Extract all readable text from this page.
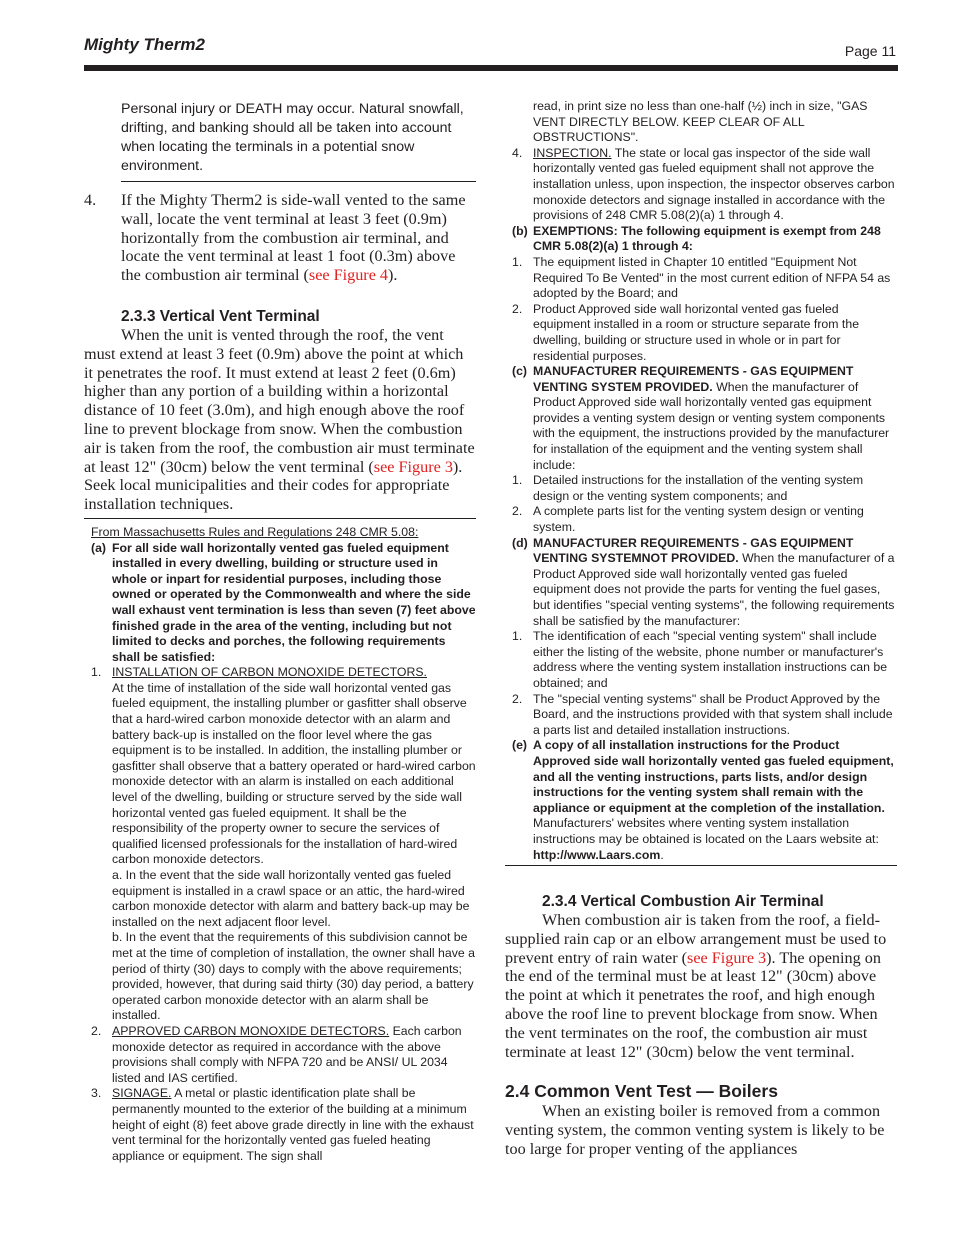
Mighty Therm2	Page 11
Personal injury or DEATH may occur. Natural snowfall, drifting, and banking should all be taken into account when locating the terminals in a potential snow environment.
4. If the Mighty Therm2 is side-wall vented to the same wall, locate the vent terminal at least 3 feet (0.9m) horizontally from the combustion air terminal, and locate the vent terminal at least 1 foot (0.3m) above the combustion air terminal (see Figure 4).
2.3.3 Vertical Vent Terminal
When the unit is vented through the roof, the vent must extend at least 3 feet (0.9m) above the point at which it penetrates the roof. It must extend at least 2 feet (0.6m) higher than any portion of a building within a horizontal distance of 10 feet (3.0m), and high enough above the roof line to prevent blockage from snow. When the combustion air is taken from the roof, the combustion air must terminate at least 12" (30cm) below the vent terminal (see Figure 3). Seek local municipalities and their codes for appropriate installation techniques.
From Massachusetts Rules and Regulations 248 CMR 5.08:
(a) For all side wall horizontally vented gas fueled equipment installed in every dwelling, building or structure used in whole or inpart for residential purposes, including those owned or operated by the Commonwealth and where the side wall exhaust vent termination is less than seven (7) feet above finished grade in the area of the venting, including but not limited to decks and porches, the following requirements shall be satisfied:
1. INSTALLATION OF CARBON MONOXIDE DETECTORS.
At the time of installation of the side wall horizontal vented gas fueled equipment, the installing plumber or gasfitter shall observe that a hard-wired carbon monoxide detector with an alarm and battery back-up is installed on the floor level where the gas equipment is to be installed. In addition, the installing plumber or gasfitter shall observe that a battery operated or hard-wired carbon monoxide detector with an alarm is installed on each additional level of the dwelling, building or structure served by the side wall horizontal vented gas fueled equipment. It shall be the responsibility of the property owner to secure the services of qualified licensed professionals for the installation of hard-wired carbon monoxide detectors.
a. In the event that the side wall horizontally vented gas fueled equipment is installed in a crawl space or an attic, the hard-wired carbon monoxide detector with alarm and battery back-up may be installed on the next adjacent floor level.
b. In the event that the requirements of this subdivision cannot be met at the time of completion of installation, the owner shall have a period of thirty (30) days to comply with the above requirements; provided, however, that during said thirty (30) day period, a battery operated carbon monoxide detector with an alarm shall be installed.
2. APPROVED CARBON MONOXIDE DETECTORS. Each carbon monoxide detector as required in accordance with the above provisions shall comply with NFPA 720 and be ANSI/ UL 2034 listed and IAS certified.
3. SIGNAGE. A metal or plastic identification plate shall be permanently mounted to the exterior of the building at a minimum height of eight (8) feet above grade directly in line with the exhaust vent terminal for the horizontally vented gas fueled heating appliance or equipment. The sign shall
read, in print size no less than one-half (½) inch in size, "GAS VENT DIRECTLY BELOW. KEEP CLEAR OF ALL OBSTRUCTIONS".
4. INSPECTION. The state or local gas inspector of the side wall horizontally vented gas fueled equipment shall not approve the installation unless, upon inspection, the inspector observes carbon monoxide detectors and signage installed in accordance with the provisions of 248 CMR 5.08(2)(a) 1 through 4.
(b) EXEMPTIONS: The following equipment is exempt from 248 CMR 5.08(2)(a) 1 through 4:
1. The equipment listed in Chapter 10 entitled "Equipment Not Required To Be Vented" in the most current edition of NFPA 54 as adopted by the Board; and
2. Product Approved side wall horizontal vented gas fueled equipment installed in a room or structure separate from the dwelling, building or structure used in whole or in part for residential purposes.
(c) MANUFACTURER REQUIREMENTS - GAS EQUIPMENT VENTING SYSTEM PROVIDED. When the manufacturer of Product Approved side wall horizontally vented gas equipment provides a venting system design or venting system components with the equipment, the instructions provided by the manufacturer for installation of the equipment and the venting system shall include:
1. Detailed instructions for the installation of the venting system design or the venting system components; and
2. A complete parts list for the venting system design or venting system.
(d) MANUFACTURER REQUIREMENTS - GAS EQUIPMENT VENTING SYSTEMNOT PROVIDED. When the manufacturer of a Product Approved side wall horizontally vented gas fueled equipment does not provide the parts for venting the fuel gases, but identifies "special venting systems", the following requirements shall be satisfied by the manufacturer:
1. The identification of each "special venting system" shall include either the listing of the website, phone number or manufacturer's address where the venting system installation instructions can be obtained; and
2. The "special venting systems" shall be Product Approved by the Board, and the instructions provided with that system shall include a parts list and detailed installation instructions.
(e) A copy of all installation instructions for the Product Approved side wall horizontally vented gas fueled equipment, and all the venting instructions, parts lists, and/or design instructions for the venting system shall remain with the appliance or equipment at the completion of the installation.
Manufacturers' websites where venting system installation instructions may be obtained is located on the Laars website at: http://www.Laars.com.
2.3.4 Vertical Combustion Air Terminal
When combustion air is taken from the roof, a field-supplied rain cap or an elbow arrangement must be used to prevent entry of rain water (see Figure 3). The opening on the end of the terminal must be at least 12" (30cm) above the point at which it penetrates the roof, and high enough above the roof line to prevent blockage from snow. When the vent terminates on the roof, the combustion air must terminate at least 12" (30cm) below the vent terminal.
2.4 Common Vent Test — Boilers
When an existing boiler is removed from a common venting system, the common venting system is likely to be too large for proper venting of the appliances
